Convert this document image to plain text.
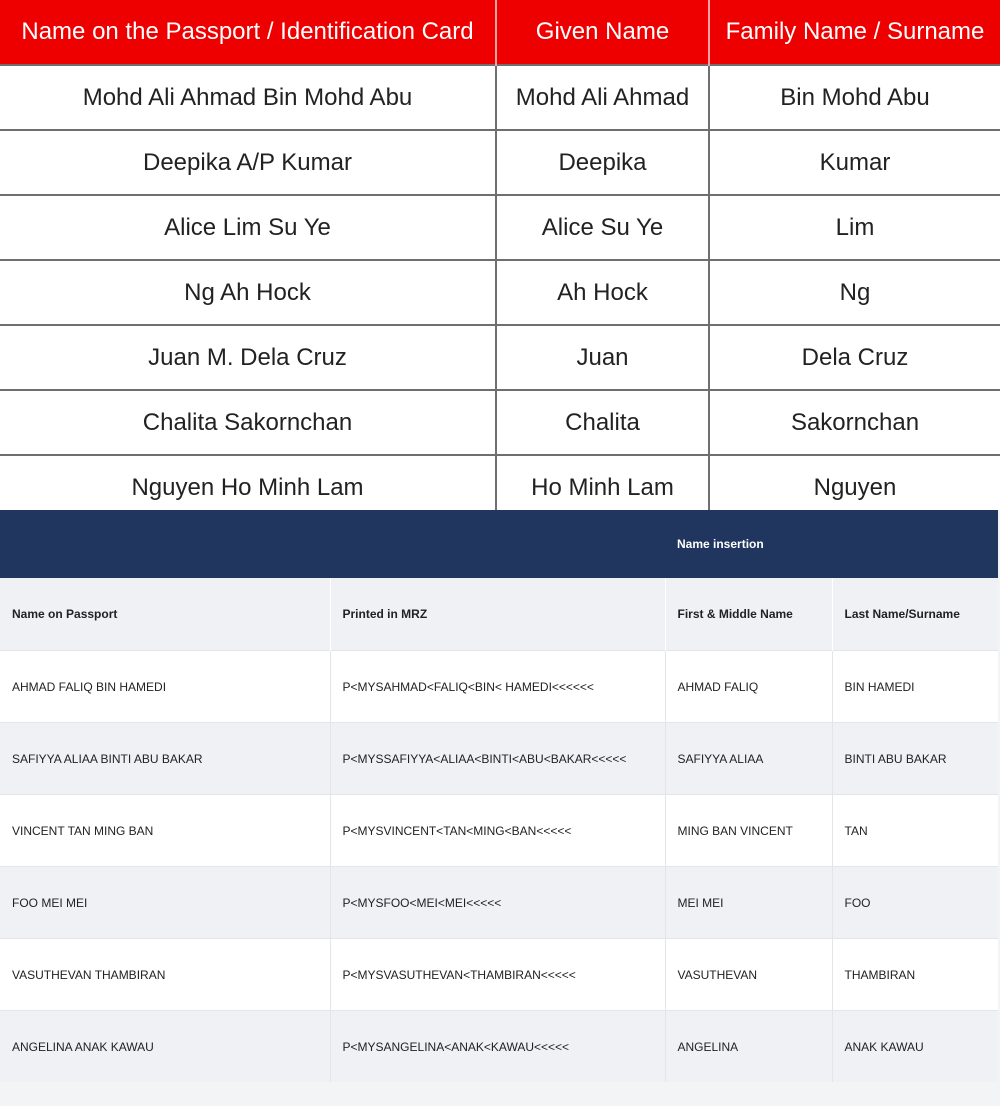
Name on the Passport / Identification Card	Given Name	Family Name / Surname
Mohd Ali Ahmad Bin Mohd Abu	Mohd Ali Ahmad	Bin Mohd Abu
Deepika A/P Kumar	Deepika	Kumar
Alice Lim Su Ye	Alice Su Ye	Lim
Ng Ah Hock	Ah Hock	Ng
Juan M. Dela Cruz	Juan	Dela Cruz
Chalita Sakornchan	Chalita	Sakornchan
Nguyen Ho Minh Lam	Ho Minh Lam	Nguyen
		Name insertion	
Name on Passport	Printed in MRZ	First & Middle Name	Last Name/Surname
AHMAD FALIQ BIN HAMEDI	P<MYSAHMAD<FALIQ<BIN< HAMEDI<<<<<<	AHMAD FALIQ	BIN HAMEDI
SAFIYYA ALIAA BINTI ABU BAKAR	P<MYSSAFIYYA<ALIAA<BINTI<ABU<BAKAR<<<<<	SAFIYYA ALIAA	BINTI ABU BAKAR
VINCENT TAN MING BAN	P<MYSVINCENT<TAN<MING<BAN<<<<<	MING BAN VINCENT	TAN
FOO MEI MEI	P<MYSFOO<MEI<MEI<<<<<	MEI MEI	FOO
VASUTHEVAN THAMBIRAN	P<MYSVASUTHEVAN<THAMBIRAN<<<<<	VASUTHEVAN	THAMBIRAN
ANGELINA ANAK KAWAU	P<MYSANGELINA<ANAK<KAWAU<<<<<	ANGELINA	ANAK KAWAU
